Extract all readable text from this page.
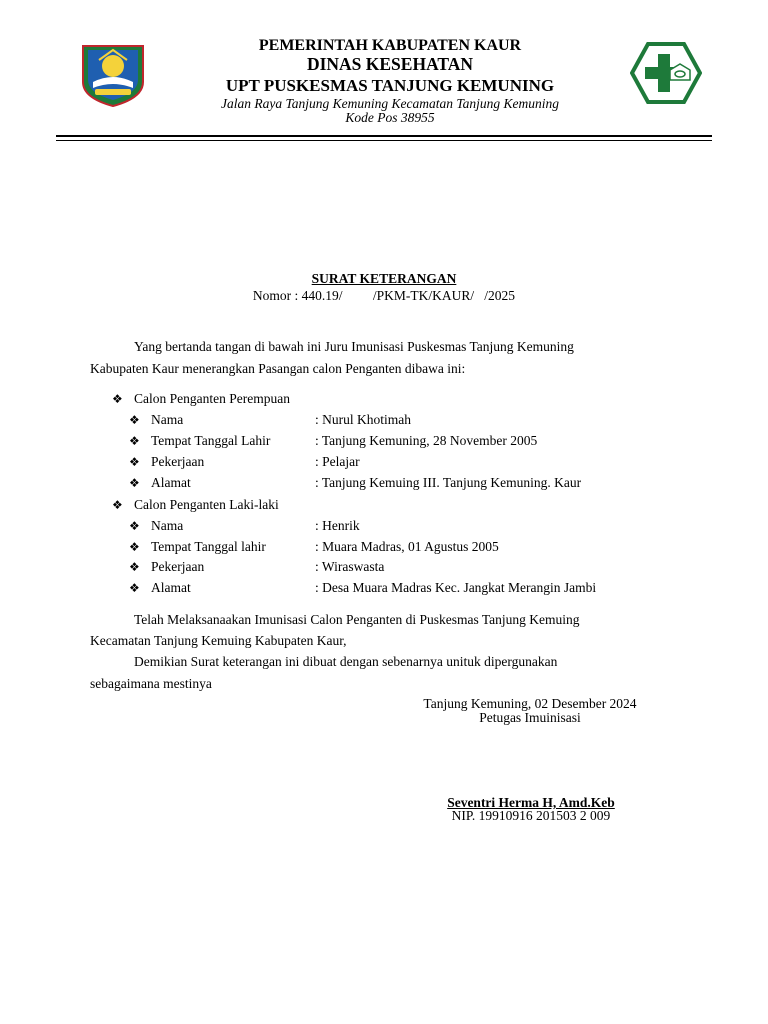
PEMERINTAH KABUPATEN KAUR
DINAS KESEHATAN
UPT PUSKESMAS TANJUNG KEMUNING
Jalan Raya Tanjung Kemuning Kecamatan Tanjung Kemuning
Kode Pos 38955
SURAT KETERANGAN
Nomor : 440.19/         /PKM-TK/KAUR/   /2025
Yang bertanda tangan di bawah ini Juru Imunisasi Puskesmas Tanjung Kemuning
Kabupaten Kaur menerangkan Pasangan calon Penganten dibawa ini:
❖ Calon Penganten Perempuan
❖ Nama	: Nurul Khotimah
❖ Tempat Tanggal Lahir	: Tanjung Kemuning, 28 November 2005
❖ Pekerjaan	: Pelajar
❖ Alamat	: Tanjung Kemuing III. Tanjung Kemuning. Kaur
❖ Calon Penganten Laki-laki
❖ Nama	: Henrik
❖ Tempat Tanggal lahir	: Muara Madras, 01 Agustus 2005
❖ Pekerjaan	: Wiraswasta
❖ Alamat	: Desa Muara Madras Kec. Jangkat Merangin Jambi
Telah Melaksanaakan Imunisasi Calon Penganten di Puskesmas Tanjung Kemuing
Kecamatan Tanjung Kemuing Kabupaten Kaur,
Demikian Surat keterangan ini dibuat dengan sebenarnya unituk dipergunakan
sebagaimana mestinya
Tanjung Kemuning, 02 Desember 2024
Petugas Imuinisasi
Seventri Herma H, Amd.Keb
NIP. 19910916 201503 2 009
